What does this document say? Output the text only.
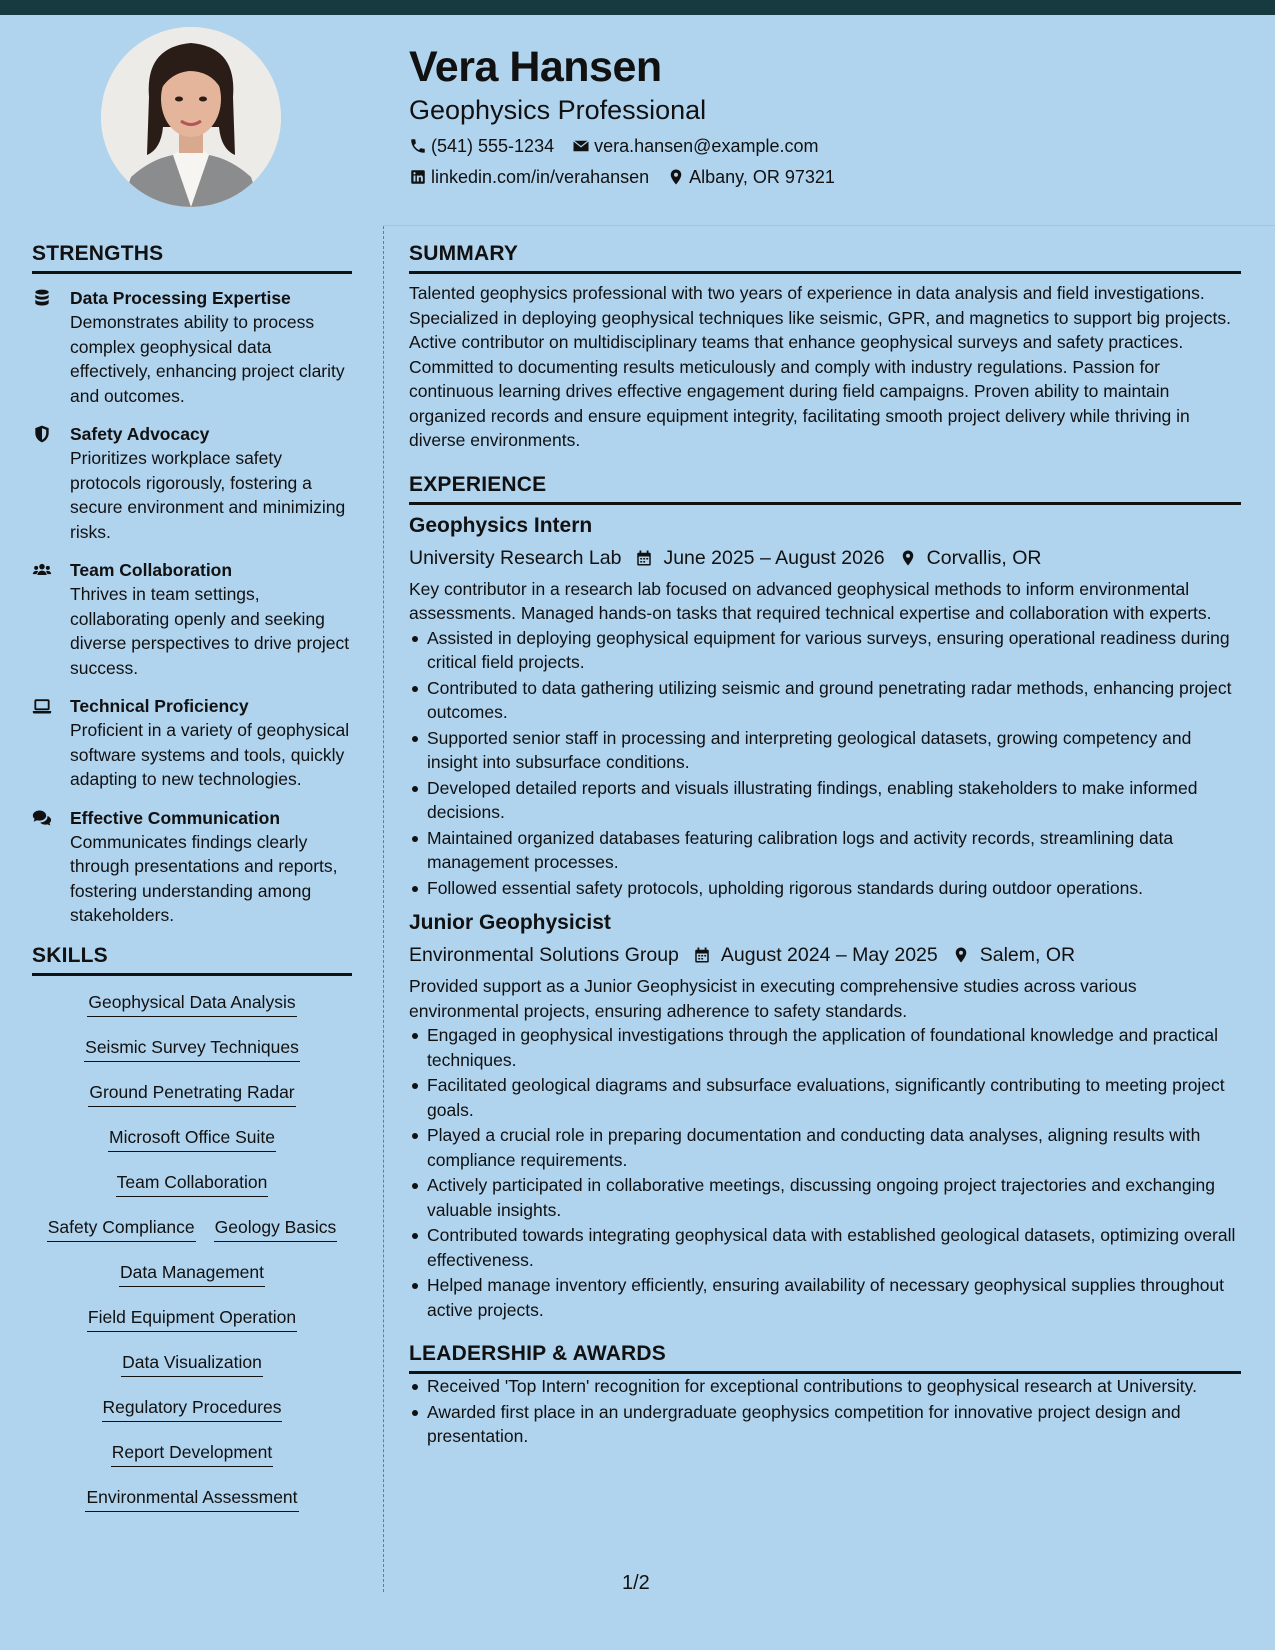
Vera Hansen
Geophysics Professional
(541) 555-1234 vera.hansen@example.com
linkedin.com/in/verahansen Albany, OR 97321
STRENGTHS
Data Processing Expertise
Demonstrates ability to process complex geophysical data effectively, enhancing project clarity and outcomes.
Safety Advocacy
Prioritizes workplace safety protocols rigorously, fostering a secure environment and minimizing risks.
Team Collaboration
Thrives in team settings, collaborating openly and seeking diverse perspectives to drive project success.
Technical Proficiency
Proficient in a variety of geophysical software systems and tools, quickly adapting to new technologies.
Effective Communication
Communicates findings clearly through presentations and reports, fostering understanding among stakeholders.
SKILLS
Geophysical Data Analysis
Seismic Survey Techniques
Ground Penetrating Radar
Microsoft Office Suite
Team Collaboration
Safety Compliance Geology Basics
Data Management
Field Equipment Operation
Data Visualization
Regulatory Procedures
Report Development
Environmental Assessment
SUMMARY
Talented geophysics professional with two years of experience in data analysis and field investigations. Specialized in deploying geophysical techniques like seismic, GPR, and magnetics to support big projects. Active contributor on multidisciplinary teams that enhance geophysical surveys and safety practices. Committed to documenting results meticulously and comply with industry regulations. Passion for continuous learning drives effective engagement during field campaigns. Proven ability to maintain organized records and ensure equipment integrity, facilitating smooth project delivery while thriving in diverse environments.
EXPERIENCE
Geophysics Intern
University Research Lab June 2025 – August 2026 Corvallis, OR
Key contributor in a research lab focused on advanced geophysical methods to inform environmental assessments. Managed hands-on tasks that required technical expertise and collaboration with experts.
Assisted in deploying geophysical equipment for various surveys, ensuring operational readiness during critical field projects.
Contributed to data gathering utilizing seismic and ground penetrating radar methods, enhancing project outcomes.
Supported senior staff in processing and interpreting geological datasets, growing competency and insight into subsurface conditions.
Developed detailed reports and visuals illustrating findings, enabling stakeholders to make informed decisions.
Maintained organized databases featuring calibration logs and activity records, streamlining data management processes.
Followed essential safety protocols, upholding rigorous standards during outdoor operations.
Junior Geophysicist
Environmental Solutions Group August 2024 – May 2025 Salem, OR
Provided support as a Junior Geophysicist in executing comprehensive studies across various environmental projects, ensuring adherence to safety standards.
Engaged in geophysical investigations through the application of foundational knowledge and practical techniques.
Facilitated geological diagrams and subsurface evaluations, significantly contributing to meeting project goals.
Played a crucial role in preparing documentation and conducting data analyses, aligning results with compliance requirements.
Actively participated in collaborative meetings, discussing ongoing project trajectories and exchanging valuable insights.
Contributed towards integrating geophysical data with established geological datasets, optimizing overall effectiveness.
Helped manage inventory efficiently, ensuring availability of necessary geophysical supplies throughout active projects.
LEADERSHIP & AWARDS
Received 'Top Intern' recognition for exceptional contributions to geophysical research at University.
Awarded first place in an undergraduate geophysics competition for innovative project design and presentation.
1/2
